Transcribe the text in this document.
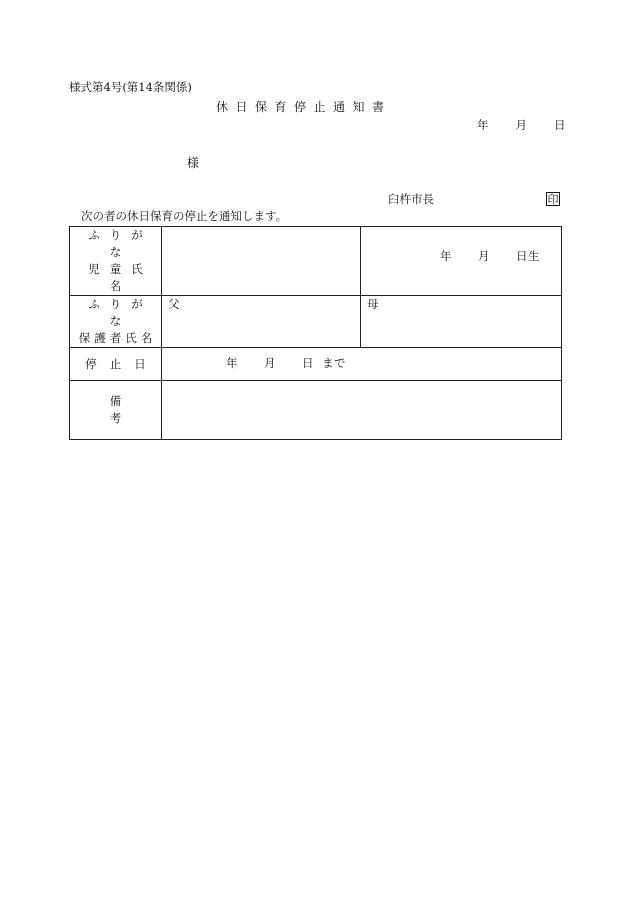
様式第4号(第14条関係)
休日保育停止通知書
年 月 日
様
臼杵市長	印
次の者の休日保育の停止を通知します。
ふりがな
児童氏名		年 月 日生

ふりがな
保護者氏名	父	母

停止日	年 月 日 まで	

備考		
